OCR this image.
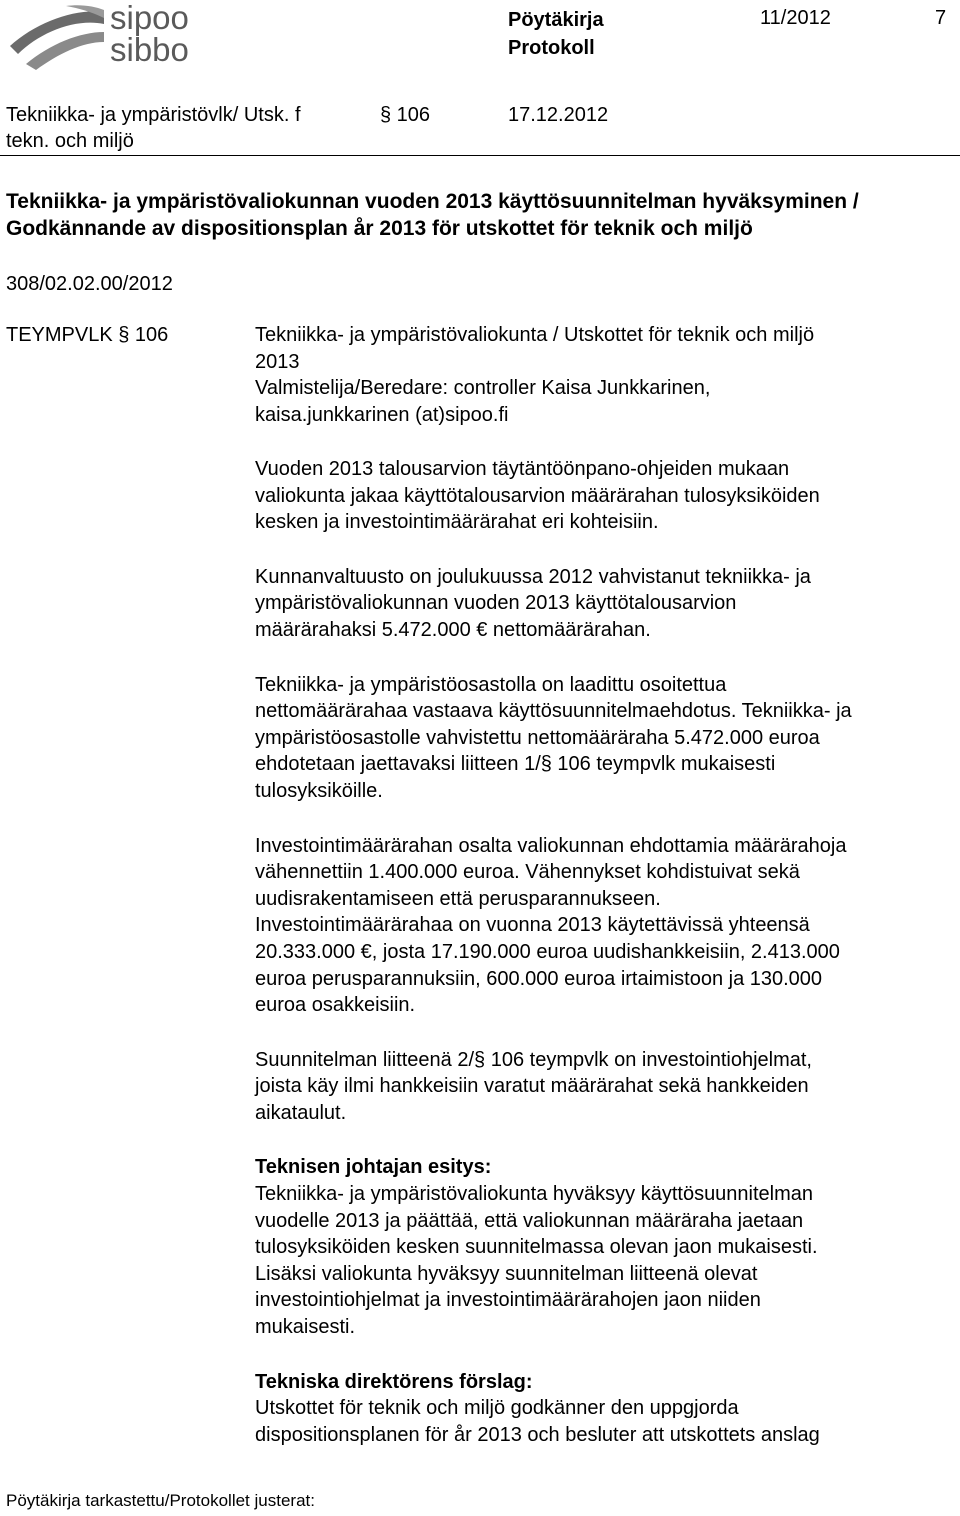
sipoo
sibbo
Pöytäkirja
Protokoll
11/2012	7
Tekniikka- ja ympäristövlk/ Utsk. f
tekn. och miljö
§ 106	17.12.2012
Tekniikka- ja ympäristövaliokunnan vuoden 2013 käyttösuunnitelman hyväksyminen /
Godkännande av dispositionsplan år 2013 för utskottet för teknik och miljö
308/02.02.00/2012
TEYMPVLK § 106	Tekniikka- ja ympäristövaliokunta / Utskottet för teknik och miljö
2013
Valmistelija/Beredare: controller Kaisa Junkkarinen,
kaisa.junkkarinen (at)sipoo.fi
Vuoden 2013 talousarvion täytäntöönpano-ohjeiden mukaan
valiokunta jakaa käyttötalousarvion määrärahan tulosyksiköiden
kesken ja investointimäärärahat eri kohteisiin.
Kunnanvaltuusto on joulukuussa 2012 vahvistanut tekniikka- ja
ympäristövaliokunnan vuoden 2013 käyttötalousarvion
määrärahaksi 5.472.000 € nettomäärärahan.
Tekniikka- ja ympäristöosastolla on laadittu osoitettua
nettomäärärahaa vastaava käyttösuunnitelmaehdotus. Tekniikka- ja
ympäristöosastolle vahvistettu nettomääräraha 5.472.000 euroa
ehdotetaan jaettavaksi liitteen 1/§ 106 teympvlk mukaisesti
tulosyksiköille.
Investointimäärärahan osalta valiokunnan ehdottamia määrärahoja
vähennettiin 1.400.000 euroa. Vähennykset kohdistuivat sekä
uudisrakentamiseen että perusparannukseen.
Investointimäärärahaa on vuonna 2013 käytettävissä yhteensä
20.333.000 €, josta 17.190.000 euroa uudishankkeisiin, 2.413.000
euroa perusparannuksiin, 600.000 euroa irtaimistoon ja 130.000
euroa osakkeisiin.
Suunnitelman liitteenä 2/§ 106 teympvlk on investointiohjelmat,
joista käy ilmi hankkeisiin varatut määrärahat sekä hankkeiden
aikataulut.
Teknisen johtajan esitys:
Tekniikka- ja ympäristövaliokunta hyväksyy käyttösuunnitelman
vuodelle 2013 ja päättää, että valiokunnan määräraha jaetaan
tulosyksiköiden kesken suunnitelmassa olevan jaon mukaisesti.
Lisäksi valiokunta hyväksyy suunnitelman liitteenä olevat
investointiohjelmat ja investointimäärärahojen jaon niiden
mukaisesti.
Tekniska direktörens förslag:
Utskottet för teknik och miljö godkänner den uppgjorda
dispositionsplanen för år 2013 och besluter att utskottets anslag
Pöytäkirja tarkastettu/Protokollet justerat:
